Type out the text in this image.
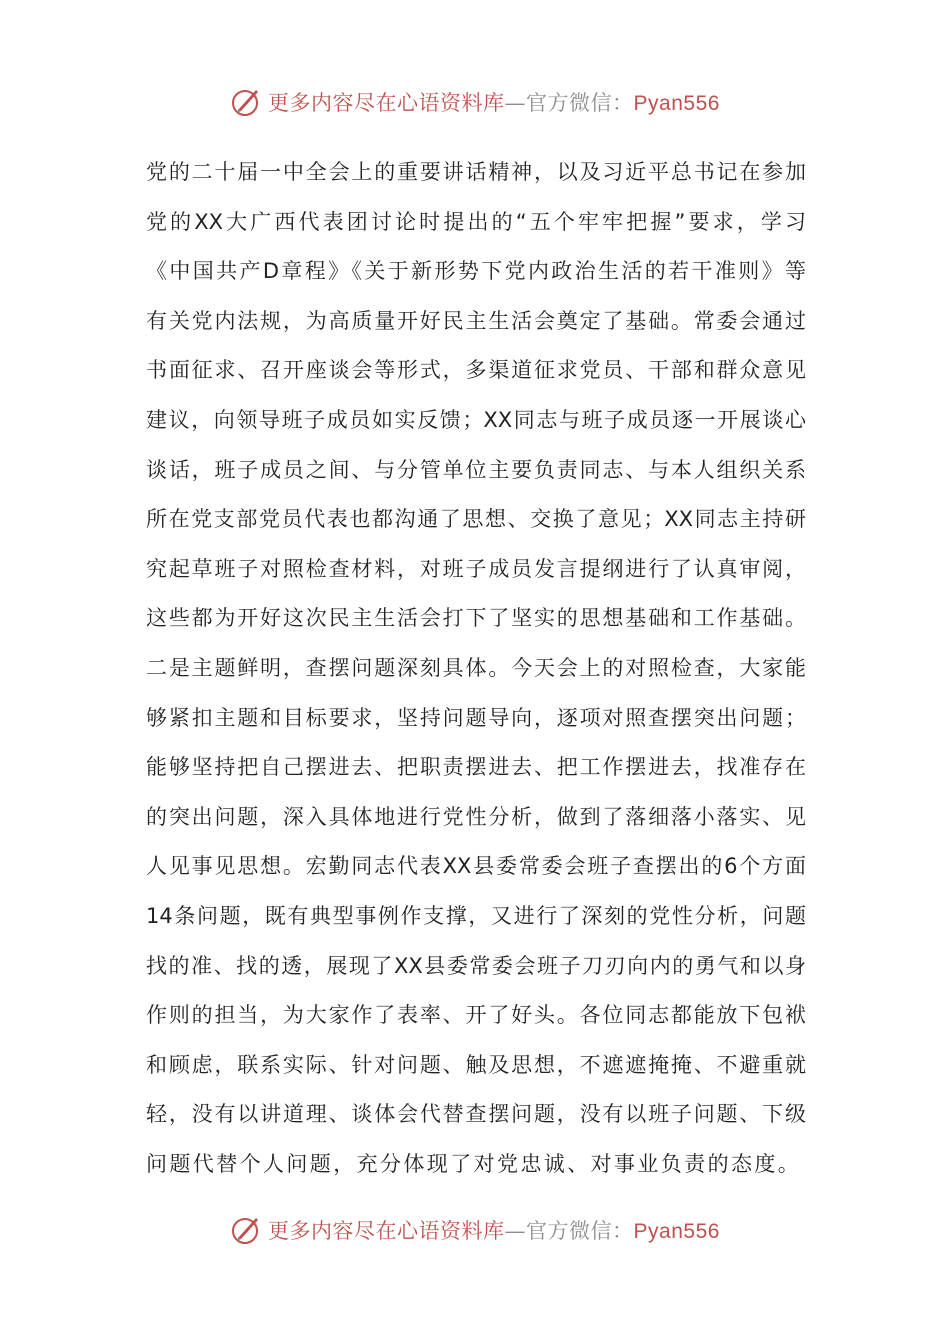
更多内容尽在心语资料库—官方微信：Pyan556
党的二十届一中全会上的重要讲话精神，以及习近平总书记在参加
党的XX大广西代表团讨论时提出的“五个牢牢把握”要求，学习
《中国共产D章程》《关于新形势下党内政治生活的若干准则》等
有关党内法规，为高质量开好民主生活会奠定了基础。常委会通过
书面征求、召开座谈会等形式，多渠道征求党员、干部和群众意见
建议，向领导班子成员如实反馈；XX同志与班子成员逐一开展谈心
谈话，班子成员之间、与分管单位主要负责同志、与本人组织关系
所在党支部党员代表也都沟通了思想、交换了意见；XX同志主持研
究起草班子对照检查材料，对班子成员发言提纲进行了认真审阅，
这些都为开好这次民主生活会打下了坚实的思想基础和工作基础。
二是主题鲜明，查摆问题深刻具体。今天会上的对照检查，大家能
够紧扣主题和目标要求，坚持问题导向，逐项对照查摆突出问题；
能够坚持把自己摆进去、把职责摆进去、把工作摆进去，找准存在
的突出问题，深入具体地进行党性分析，做到了落细落小落实、见
人见事见思想。宏勤同志代表XX县委常委会班子查摆出的6个方面
14条问题，既有典型事例作支撑，又进行了深刻的党性分析，问题
找的准、找的透，展现了XX县委常委会班子刀刃向内的勇气和以身
作则的担当，为大家作了表率、开了好头。各位同志都能放下包袱
和顾虑，联系实际、针对问题、触及思想，不遮遮掩掩、不避重就
轻，没有以讲道理、谈体会代替查摆问题，没有以班子问题、下级
问题代替个人问题，充分体现了对党忠诚、对事业负责的态度。
更多内容尽在心语资料库—官方微信：Pyan556
